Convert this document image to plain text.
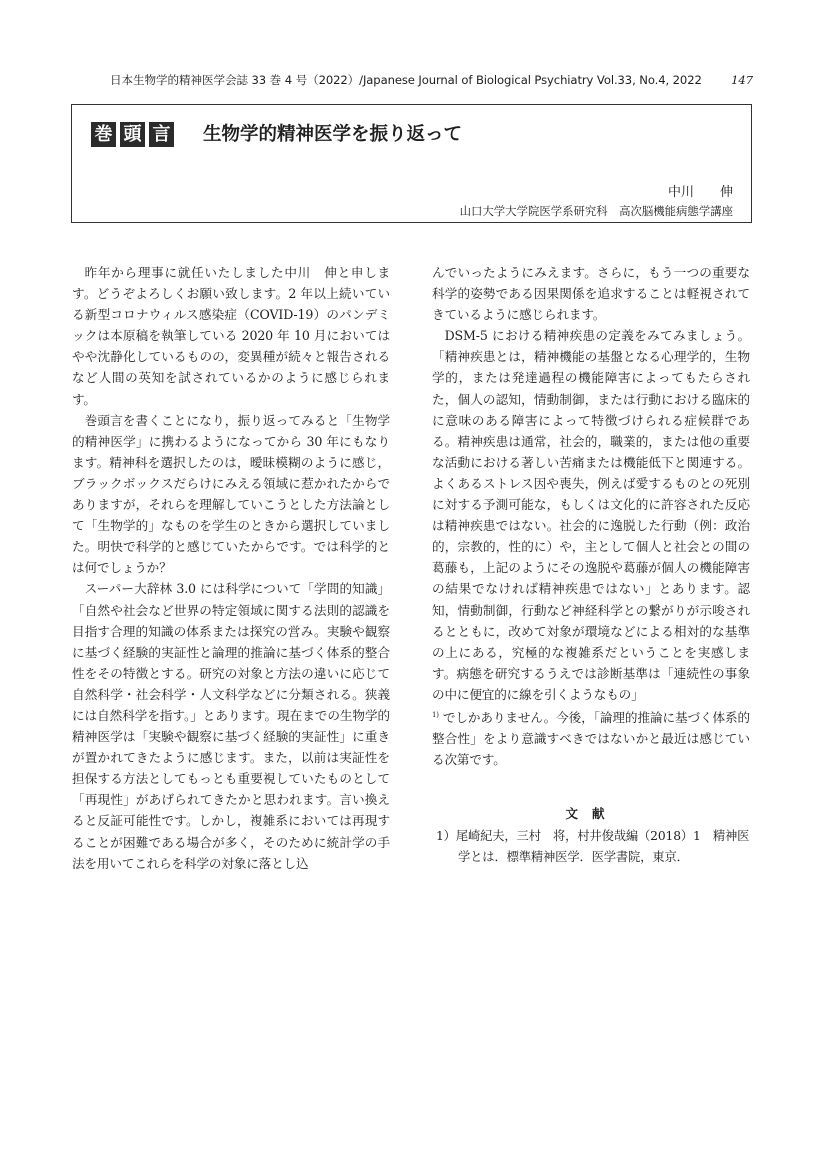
日本生物学的精神医学会誌 33 巻 4 号（2022）/Japanese Journal of Biological Psychiatry Vol.33, No.4, 2022	147
巻 頭 言 生物学的精神医学を振り返って
中川　　伸
山口大学大学院医学系研究科　高次脳機能病態学講座

昨年から理事に就任いたしました中川　伸と申します。どうぞよろしくお願い致します。2 年以上続いている新型コロナウィルス感染症（COVID-19）のパンデミックは本原稿を執筆している 2020 年 10 月においてはやや沈静化しているものの，変異種が続々と報告されるなど人間の英知を試されているかのように感じられます。

巻頭言を書くことになり，振り返ってみると「生物学的精神医学」に携わるようになってから 30 年にもなります。精神科を選択したのは，曖昧模糊のように感じ，ブラックボックスだらけにみえる領域に惹かれたからでありますが，それらを理解していこうとした方法論として「生物学的」なものを学生のときから選択していました。明快で科学的と感じていたからです。では科学的とは何でしょうか？

スーパー大辞林 3.0 には科学について「学問的知識」「自然や社会など世界の特定領域に関する法則的認識を目指す合理的知識の体系または探究の営み。実験や観察に基づく経験的実証性と論理的推論に基づく体系的整合性をその特徴とする。研究の対象と方法の違いに応じて自然科学・社会科学・人文科学などに分類される。狭義には自然科学を指す。」とあります。現在までの生物学的精神医学は「実験や観察に基づく経験的実証性」に重きが置かれてきたように感じます。また，以前は実証性を担保する方法としてもっとも重要視していたものとして「再現性」があげられてきたかと思われます。言い換えると反証可能性です。しかし，複雑系においては再現することが困難である場合が多く，そのために統計学の手法を用いてこれらを科学の対象に落とし込

んでいったようにみえます。さらに，もう一つの重要な科学的姿勢である因果関係を追求することは軽視されてきているように感じられます。

DSM-5 における精神疾患の定義をみてみましょう。「精神疾患とは，精神機能の基盤となる心理学的，生物学的，または発達過程の機能障害によってもたらされた，個人の認知，情動制御，または行動における臨床的に意味のある障害によって特徴づけられる症候群である。精神疾患は通常，社会的，職業的，または他の重要な活動における著しい苦痛または機能低下と関連する。よくあるストレス因や喪失，例えば愛するものとの死別に対する予測可能な，もしくは文化的に許容された反応は精神疾患ではない。社会的に逸脱した行動（例：政治的，宗教的，性的に）や，主として個人と社会との間の葛藤も，上記のようにその逸脱や葛藤が個人の機能障害の結果でなければ精神疾患ではない」とあります。認知，情動制御，行動など神経科学との繋がりが示唆されるとともに，改めて対象が環境などによる相対的な基準の上にある，究極的な複雑系だということを実感します。病態を研究するうえでは診断基準は「連続性の事象の中に便宜的に線を引くようなもの」

$^{1)}$ でしかありません。今後，「論理的推論に基づく体系的整合性」をより意識すべきではないかと最近は感じている次第です。

文献
1）尾崎紀夫，三村　将，村井俊哉編（2018）1　精神医学とは．標準精神医学．医学書院，東京．
